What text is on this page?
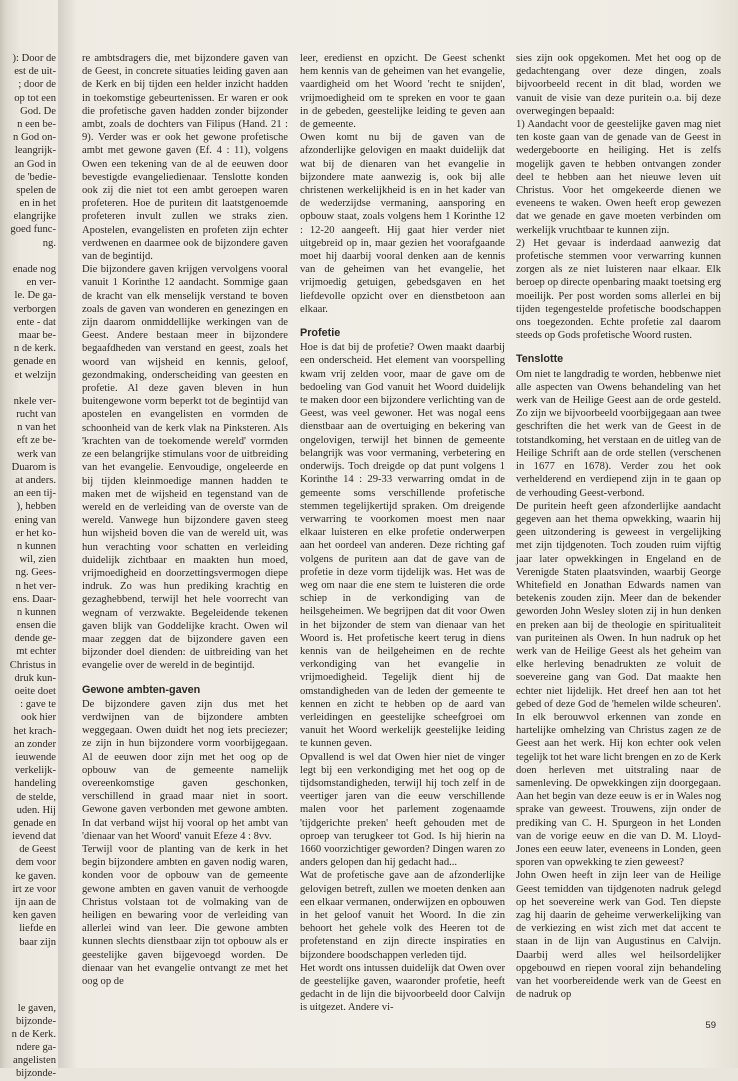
): Door de
est de uit-
; door de
op tot een
God. De
n een be-
n God on-
leangrijk-
an God in
de 'bedie-
spelen de
en in het
elangrijke
goed func-
ng.

enade nog
en ver-
le. De ga-
verborgen
ente - dat
maar be-
n de kerk.
genade en
et welzijn

nkele ver-
rucht van
n van het
eft ze be-
werk van
Duarom is
at anders.
an een tij-
), hebben
ening van
er het ko-
n kunnen
wil, zien
ng. Gees-
n het ver-
ens. Daar-
n kunnen
ensen die
dende ge-
mt echter
Christus in
druk kun-
oeite doet
: gave te
ook hier
het krach-
an zonder
ieuwende
verkelijk-
handeling
de stelde,
uden. Hij
genade en
ievend dat
de Geest
dem voor
ke gaven.
irt ze voor
ijn aan de
ken gaven
liefde en
baar zijn

le gaven,
bijzonde-
n de Kerk.
ndere ga-
angelisten
bijzonde-

re ambtsdragers die, met bijzondere gaven van de Geest, in concrete situaties leiding gaven aan de Kerk en bij tijden een helder inzicht hadden in toekomstige gebeurtenissen. Er waren er ook die profetische gaven hadden zonder bijzonder ambt, zoals de dochters van Filipus (Hand. 21 : 9). Verder was er ook het gewone profetische ambt met gewone gaven (Ef. 4 : 11), volgens Owen een tekening van de al de eeuwen door bevestigde evangeliedienaar. Tenslotte konden ook zij die niet tot een ambt geroepen waren profeteren. Hoe de puriteın dit laatstgenoemde profeteren invult zullen we straks zien. Apostelen, evangelisten en profeten zijn echter verdwenen en daarmee ook de bijzondere gaven van de begintijd.

Die bijzondere gaven krijgen vervolgens vooral vanuit 1 Korinthe 12 aandacht. Sommige gaan de kracht van elk menselijk verstand te boven zoals de gaven van wonderen en genezingen en zijn daarom onmiddellijke werkingen van de Geest. Andere bestaan meer in bijzondere begaafdheden van verstand en geest, zoals het woord van wijsheid en kennis, geloof, gezondmaking, onderscheiding van geesten en profetie. Al deze gaven bleven in hun buitengewone vorm beperkt tot de begintijd van apostelen en evangelisten en vormden de schoonheid van de kerk vlak na Pinksteren. Als 'krachten van de toekomende wereld' vormden ze een belangrijke stimulans voor de uitbreiding van het evangelie. Eenvoudige, ongeleerde en bij tijden kleinmoedige mannen hadden te maken met de wijsheid en tegenstand van de wereld en de verleiding van de overste van de wereld. Vanwege hun bijzondere gaven steeg hun wijsheid boven die van de wereld uit, was hun verachting voor schatten en verleiding duidelijk zichtbaar en maakten hun moed, vrijmoedigheid en doorzettingsvermogen diepe indruk. Zo was hun prediking krachtig en gezaghebbend, terwijl het hele voorrecht van wegnam of verzwakte. Begeleidende tekenen gaven blijk van Goddelijke kracht. Owen wil maar zeggen dat de bijzondere gaven een bijzonder doel dienden: de uitbreiding van het evangelie over de wereld in de begintijd.

Gewone ambten-gaven

De bijzondere gaven zijn dus met het verdwijnen van de bijzondere ambten weggegaan. Owen duidt het nog iets preciezer; ze zijn in hun bijzondere vorm voorbijgegaan. Al de eeuwen door zijn met het oog op de opbouw van de gemeente namelijk overeenkomstige gaven geschonken, verschillend in graad maar niet in soort. Gewone gaven verbonden met gewone ambten. In dat verband wijst hij vooral op het ambt van 'dienaar van het Woord' vanuit Efeze 4 : 8vv.

Terwijl voor de planting van de kerk in het begin bijzondere ambten en gaven nodig waren, konden voor de opbouw van de gemeente gewone ambten en gaven vanuit de verhoogde Christus volstaan tot de volmaking van de heiligen en bewaring voor de verleiding van allerlei wind van leer. Die gewone ambten kunnen slechts dienstbaar zijn tot opbouw als er geestelijke gaven bijgevoegd worden. De dienaar van het evangelie ontvangt ze met het oog op de

leer, eredienst en opzicht. De Geest schenkt hem kennis van de geheimen van het evangelie, vaardigheid om het Woord 'recht te snijden', vrijmoedigheid om te spreken en voor te gaan in de gebeden, geestelijke leiding te geven aan de gemeente.

Owen komt nu bij de gaven van de afzonderlijke gelovigen en maakt duidelijk dat wat bij de dienaren van het evangelie in bijzondere mate aanwezig is, ook bij alle christenen werkelijkheid is en in het kader van de wederzijdse vermaning, aansporing en opbouw staat, zoals volgens hem 1 Korinthe 12 : 12-20 aangeeft. Hij gaat hier verder niet uitgebreid op in, maar gezien het voorafgaande moet hij daarbij vooral denken aan de kennis van de geheimen van het evangelie, het vrijmoedig getuigen, gebedsgaven en het liefdevolle opzicht over en dienstbetoon aan elkaar.

Profetie

Hoe is dat bij de profetie? Owen maakt daarbij een onderscheid. Het element van voorspelling kwam vrij zelden voor, maar de gave om de bedoeling van God vanuit het Woord duidelijk te maken door een bijzondere verlichting van de Geest, was veel gewoner. Het was nogal eens dienstbaar aan de overtuiging en bekering van ongelovigen, terwijl het binnen de gemeente belangrijk was voor vermaning, verbetering en onderwijs. Toch dreigde op dat punt volgens 1 Korinthe 14 : 29-33 verwarring omdat in de gemeente soms verschillende profetische stemmen tegelijkertijd spraken. Om dreigende verwarring te voorkomen moest men naar elkaar luisteren en elke profetie onderwerpen aan het oordeel van anderen. Deze richting gaf volgens de puriteın aan dat de gave van de profetie in deze vorm tijdelijk was. Het was de weg om naar die ene stem te luisteren die orde schiep in de verkondiging van de heilsgeheimen. We begrijpen dat dit voor Owen in het bijzonder de stem van dienaar van het Woord is. Het profetische keert terug in diens kennis van de heilgeheimen en de rechte verkondiging van het evangelie in vrijmoedigheid. Tegelijk dient hij de omstandigheden van de leden der gemeente te kennen en zicht te hebben op de aard van verleidingen en geestelijke scheefgroei om vanuit het Woord werkelijk geestelijke leiding te kunnen geven.

Opvallend is wel dat Owen hier niet de vinger legt bij een verkondiging met het oog op de tijdsomstandigheden, terwijl hij toch zelf in de veertiger jaren van die eeuw verschillende malen voor het parlement zogenaamde 'tijdgerichte preken' heeft gehouden met de oproep van terugkeer tot God. Is hij hierin na 1660 voorzichtiger geworden? Dingen waren zo anders gelopen dan hij gedacht had...

Wat de profetische gave aan de afzonderlijke gelovigen betreft, zullen we moeten denken aan een elkaar vermanen, onderwijzen en opbouwen in het geloof vanuit het Woord. In die zin behoort het gehele volk des Heeren tot de profetenstand en zijn directe inspiraties en bijzondere boodschappen verleden tijd.

Het wordt ons intussen duidelijk dat Owen over de geestelijke gaven, waaronder profetie, heeft gedacht in de lijn die bijvoorbeeld door Calvijn is uitgezet. Andere vi-

sies zijn ook opgekomen. Met het oog op de gedachtengang over deze dingen, zoals bijvoorbeeld recent in dit blad, worden we vanuit de visie van deze puritein o.a. bij deze overwegingen bepaald:

1) Aandacht voor de geestelijke gaven mag niet ten koste gaan van de genade van de Geest in wedergeboorte en heiliging. Het is zelfs mogelijk gaven te hebben ontvangen zonder deel te hebben aan het nieuwe leven uit Christus. Voor het omgekeerde dienen we eveneens te waken. Owen heeft erop gewezen dat we genade en gave moeten verbinden om werkelijk vruchtbaar te kunnen zijn.

2) Het gevaar is inderdaad aanwezig dat profetische stemmen voor verwarring kunnen zorgen als ze niet luisteren naar elkaar. Elk beroep op directe openbaring maakt toetsing erg moeilijk. Per post worden soms allerlei en bij tijden tegengestelde profetische boodschappen ons toegezonden. Echte profetie zal daarom steeds op Gods profetische Woord rusten.

Tenslotte

Om niet te langdradig te worden, hebbenwe niet alle aspecten van Owens behandeling van het werk van de Heilige Geest aan de orde gesteld. Zo zijn we bijvoorbeeld voorbijgegaan aan twee geschriften die het werk van de Geest in de totstandkoming, het verstaan en de uitleg van de Heilige Schrift aan de orde stellen (verschenen in 1677 en 1678). Verder zou het ook verhelderend en verdiepend zijn in te gaan op de verhouding Geest-verbond.

De puritein heeft geen afzonderlijke aandacht gegeven aan het thema opwekking, waarin hij geen uitzondering is geweest in vergelijking met zijn tijdgenoten. Toch zouden ruim vijftig jaar later opwekkingen in Engeland en de Verenigde Staten plaatsvinden, waarbij George Whitefield en Jonathan Edwards namen van betekenis zouden zijn. Meer dan de bekender geworden John Wesley sloten zij in hun denken en preken aan bij de theologie en spiritualiteit van puriteinen als Owen. In hun nadruk op het werk van de Heilige Geest als het geheim van elke herleving benadrukten ze voluit de soevereine gang van God. Dat maakte hen echter niet lijdelijk. Het dreef hen aan tot het gebed of deze God de 'hemelen wilde scheuren'. In elk berouwvol erkennen van zonde en hartelijke omhelzing van Christus zagen ze de Geest aan het werk. Hij kon echter ook velen tegelijk tot het ware licht brengen en zo de Kerk doen herleven met uitstraling naar de samenleving. De opwekkingen zijn doorgegaan. Aan het begin van deze eeuw is er in Wales nog sprake van geweest. Trouwens, zijn onder de prediking van C. H. Spurgeon in het Londen van de vorige eeuw en die van D. M. Lloyd-Jones een eeuw later, eveneens in Londen, geen sporen van opwekking te zien geweest?

John Owen heeft in zijn leer van de Heilige Geest temidden van tijdgenoten nadruk gelegd op het soevereine werk van God. Ten diepste zag hij daarin de geheime verwerkelijking van de verkiezing en wist zich met dat accent te staan in de lijn van Augustinus en Calvijn. Daarbij werd alles wel heilsordelijker opgebouwd en riepen vooral zijn behandeling van het voorbereidende werk van de Geest en de nadruk op

59
